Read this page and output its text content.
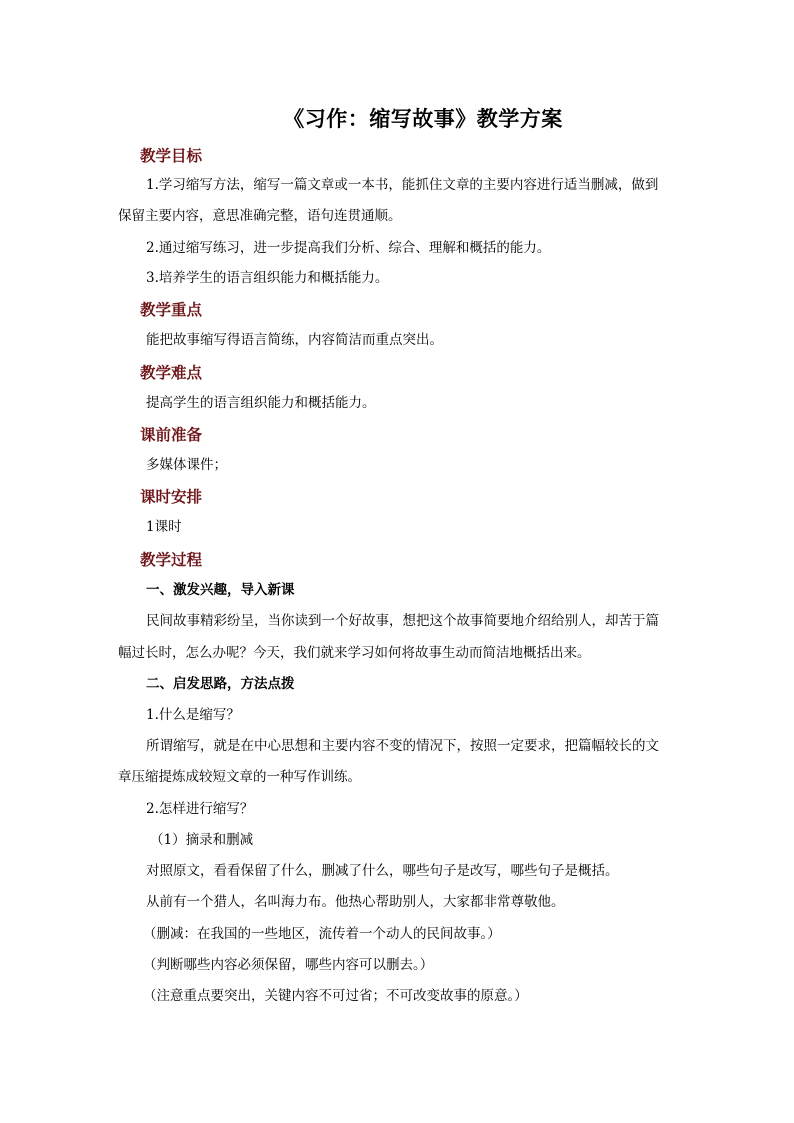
《习作：缩写故事》教学方案
教学目标
1.学习缩写方法，缩写一篇文章或一本书，能抓住文章的主要内容进行适当删减，做到
保留主要内容，意思准确完整，语句连贯通顺。
2.通过缩写练习，进一步提高我们分析、综合、理解和概括的能力。
3.培养学生的语言组织能力和概括能力。
教学重点
能把故事缩写得语言简练，内容简洁而重点突出。
教学难点
提高学生的语言组织能力和概括能力。
课前准备
多媒体课件；
课时安排
1课时
教学过程
一、激发兴趣，导入新课
民间故事精彩纷呈，当你读到一个好故事，想把这个故事简要地介绍给别人，却苦于篇
幅过长时，怎么办呢？今天，我们就来学习如何将故事生动而简洁地概括出来。
二、启发思路，方法点拨
1.什么是缩写？
所谓缩写，就是在中心思想和主要内容不变的情况下，按照一定要求，把篇幅较长的文
章压缩提炼成较短文章的一种写作训练。
2.怎样进行缩写？
（1）摘录和删减
对照原文，看看保留了什么，删减了什么，哪些句子是改写，哪些句子是概括。
从前有一个猎人，名叫海力布。他热心帮助别人，大家都非常尊敬他。
（删减：在我国的一些地区，流传着一个动人的民间故事。）
（判断哪些内容必须保留，哪些内容可以删去。）
（注意重点要突出，关键内容不可过省；不可改变故事的原意。）
